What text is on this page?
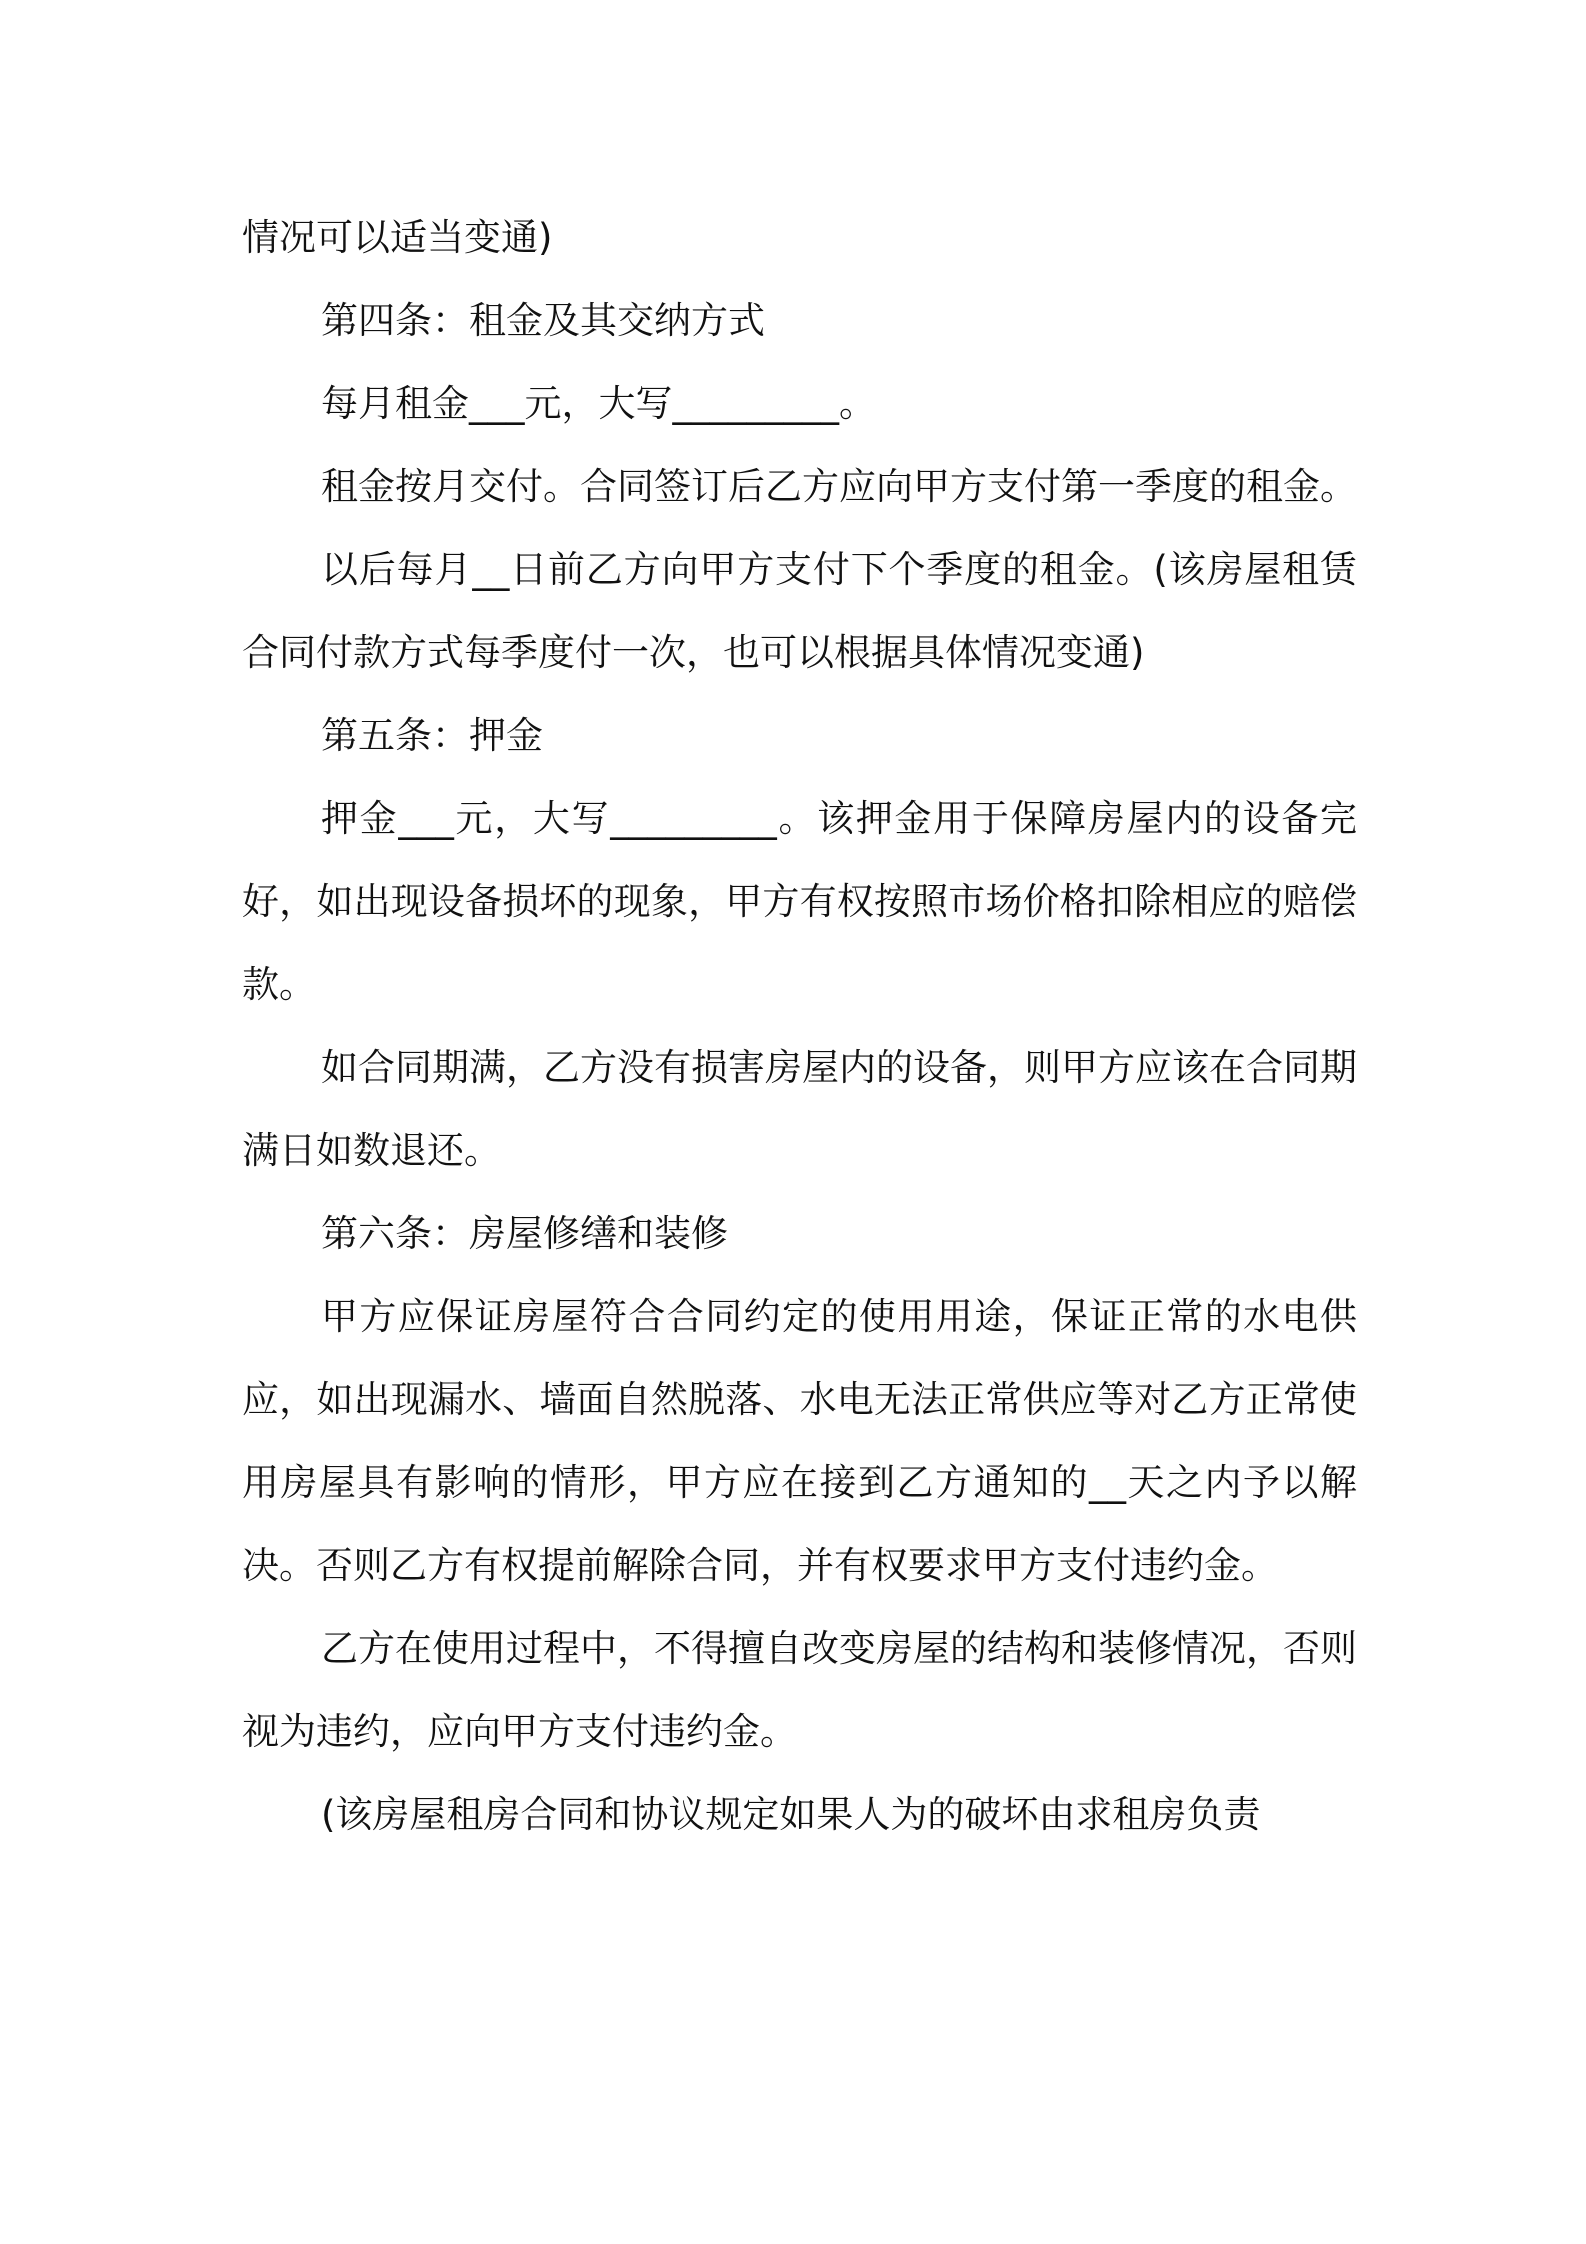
情况可以适当变通)

第四条：租金及其交纳方式

每月租金___元，大写_________。

租金按月交付。合同签订后乙方应向甲方支付第一季度的租金。

以后每月__日前乙方向甲方支付下个季度的租金。(该房屋租赁合同付款方式每季度付一次，也可以根据具体情况变通)

第五条：押金

押金___元，大写_________。该押金用于保障房屋内的设备完好，如出现设备损坏的现象，甲方有权按照市场价格扣除相应的赔偿款。

如合同期满，乙方没有损害房屋内的设备，则甲方应该在合同期满日如数退还。

第六条：房屋修缮和装修

甲方应保证房屋符合合同约定的使用用途，保证正常的水电供应，如出现漏水、墙面自然脱落、水电无法正常供应等对乙方正常使用房屋具有影响的情形，甲方应在接到乙方通知的__天之内予以解决。否则乙方有权提前解除合同，并有权要求甲方支付违约金。

乙方在使用过程中，不得擅自改变房屋的结构和装修情况，否则视为违约，应向甲方支付违约金。

(该房屋租房合同和协议规定如果人为的破坏由求租房负责
